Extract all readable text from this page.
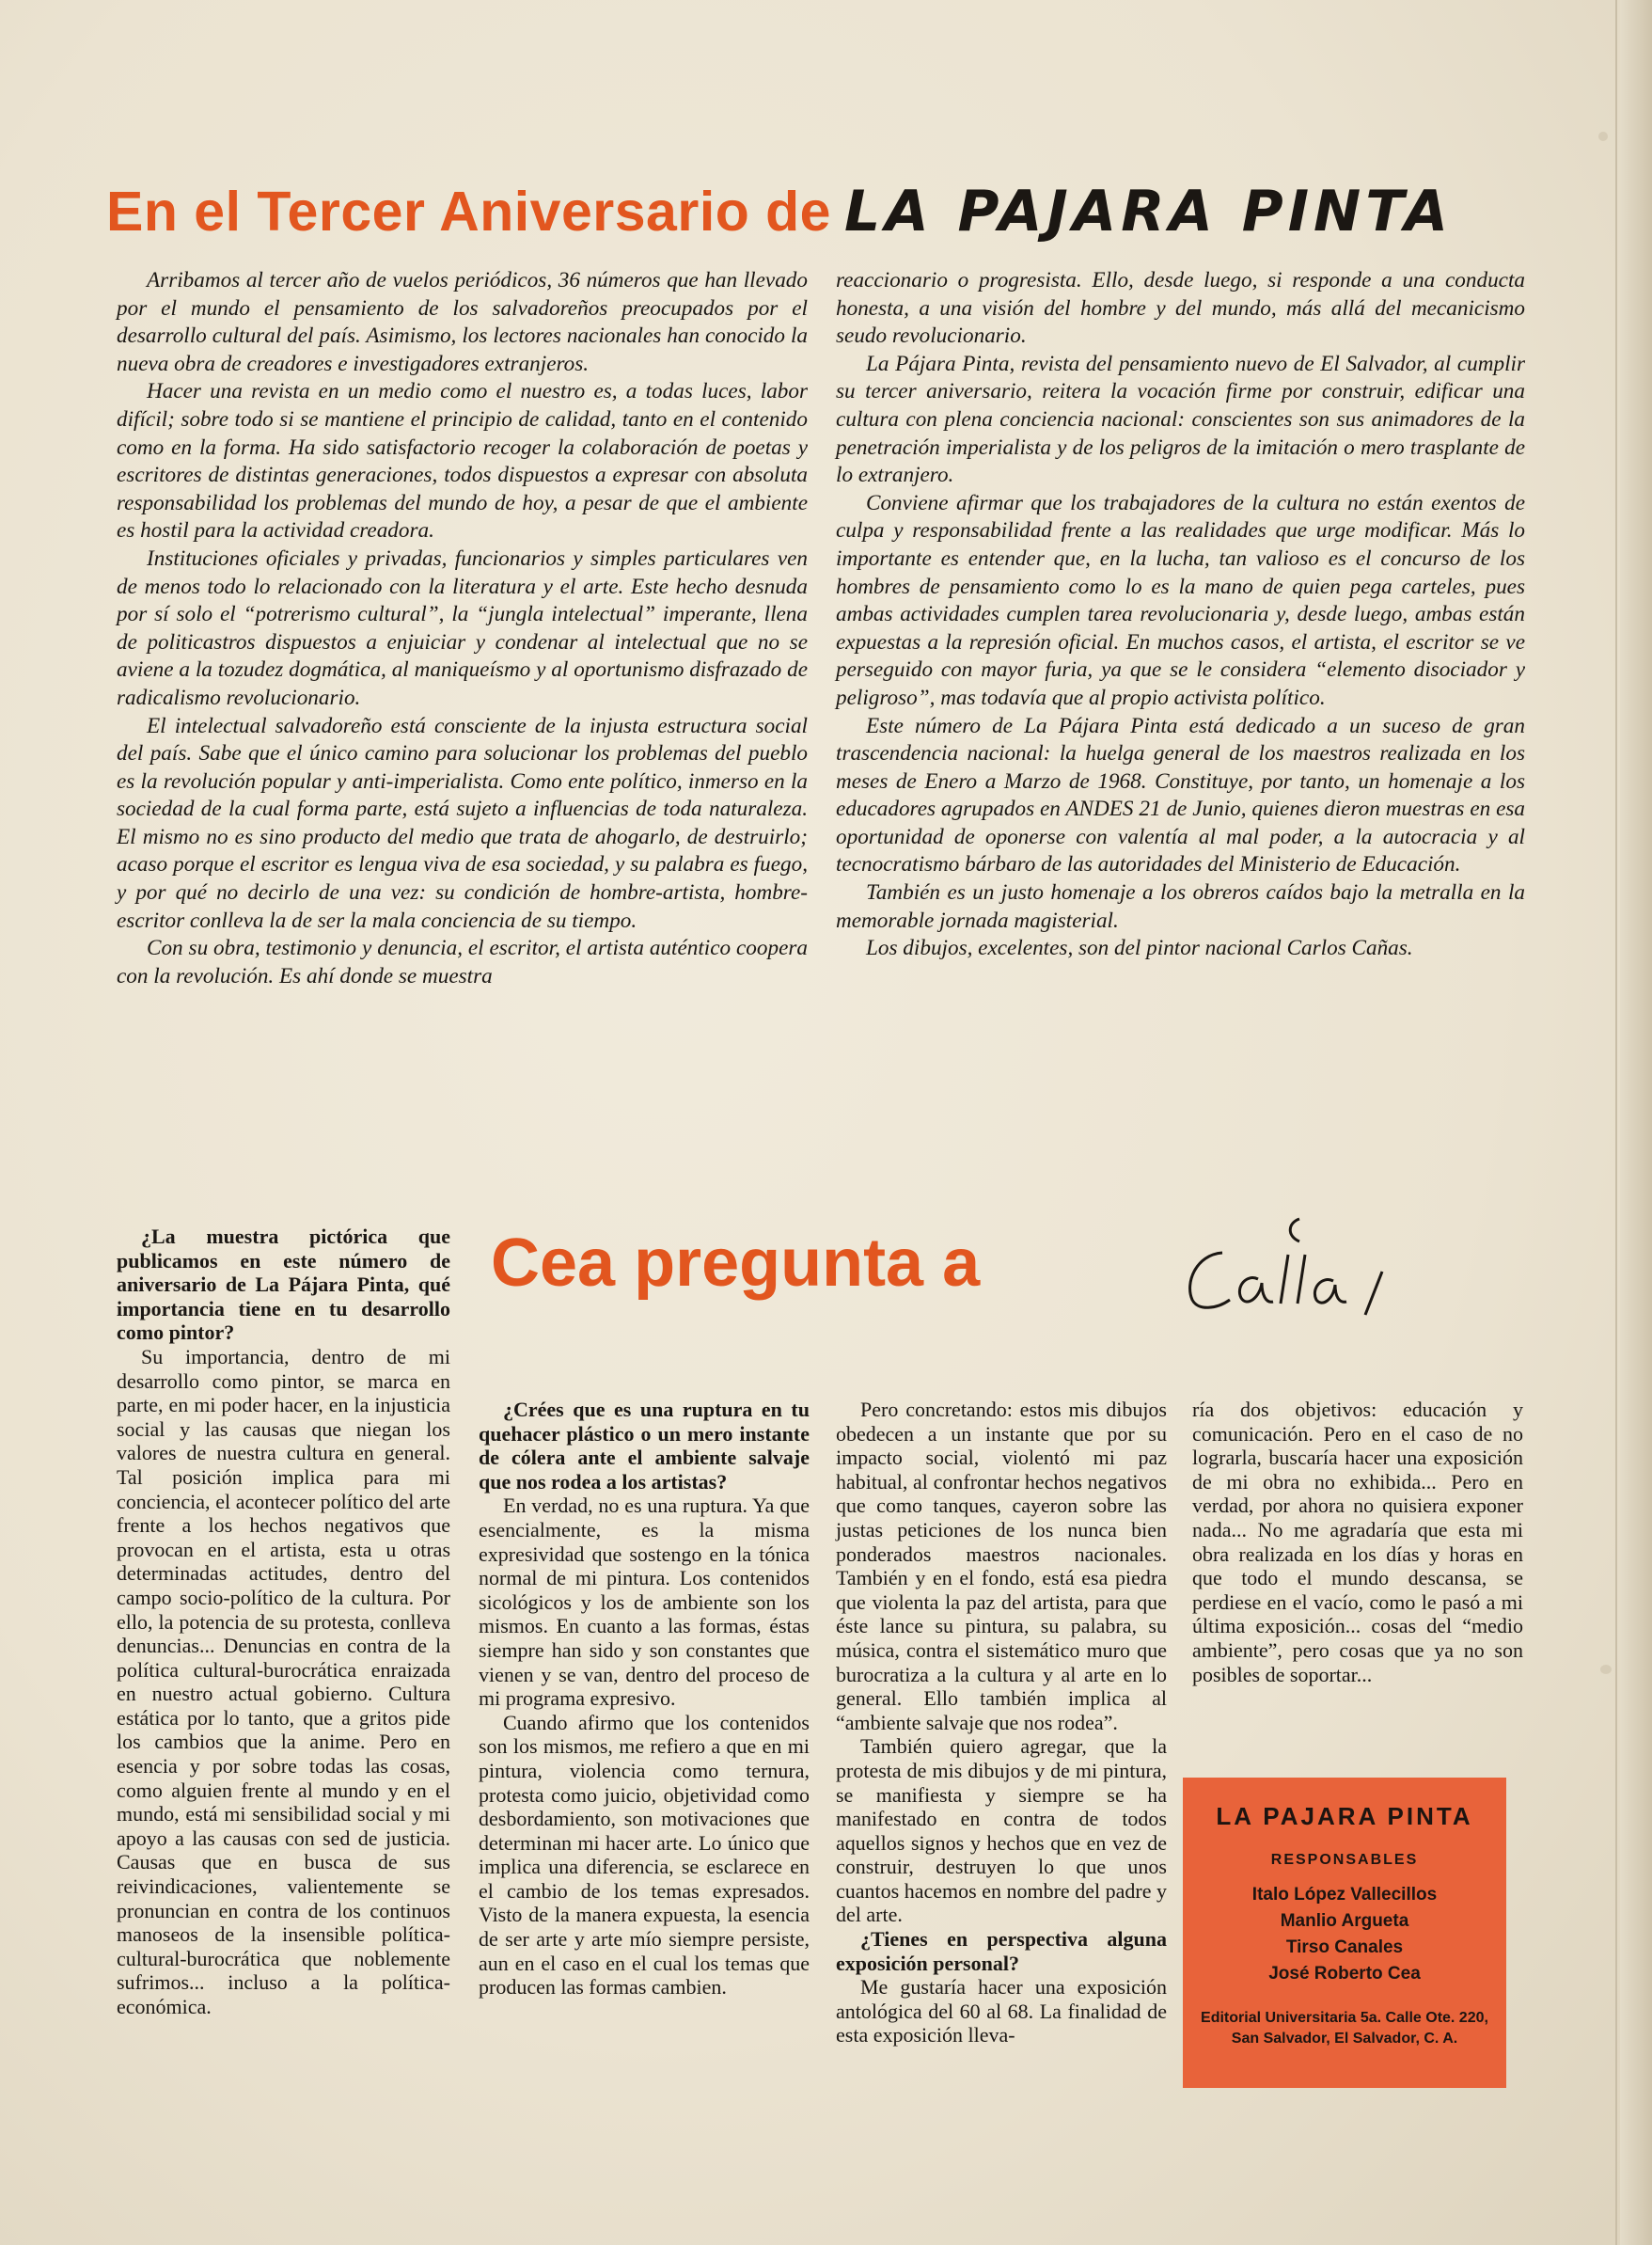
En el Tercer Aniversario de LA PAJARA PINTA

Arribamos al tercer año de vuelos periódicos, 36 números que han llevado por el mundo el pensamiento de los salvadoreños preocupados por el desarrollo cultural del país. Asimismo, los lectores nacionales han conocido la nueva obra de creadores e investigadores extranjeros.

Hacer una revista en un medio como el nuestro es, a todas luces, labor difícil; sobre todo si se mantiene el principio de calidad, tanto en el contenido como en la forma. Ha sido satisfactorio recoger la colaboración de poetas y escritores de distintas generaciones, todos dispuestos a expresar con absoluta responsabilidad los problemas del mundo de hoy, a pesar de que el ambiente es hostil para la actividad creadora.

Instituciones oficiales y privadas, funcionarios y simples particulares ven de menos todo lo relacionado con la literatura y el arte. Este hecho desnuda por sí solo el “potrerismo cultural”, la “jungla intelectual” imperante, llena de politicastros dispuestos a enjuiciar y condenar al intelectual que no se aviene a la tozudez dogmática, al maniqueísmo y al oportunismo disfrazado de radicalismo revolucionario.

El intelectual salvadoreño está consciente de la injusta estructura social del país. Sabe que el único camino para solucionar los problemas del pueblo es la revolución popular y anti-imperialista. Como ente político, inmerso en la sociedad de la cual forma parte, está sujeto a influencias de toda naturaleza. El mismo no es sino producto del medio que trata de ahogarlo, de destruirlo; acaso porque el escritor es lengua viva de esa sociedad, y su palabra es fuego, y por qué no decirlo de una vez: su condición de hombre-artista, hombre-escritor conlleva la de ser la mala conciencia de su tiempo.

Con su obra, testimonio y denuncia, el escritor, el artista auténtico coopera con la revolución. Es ahí donde se muestra

reaccionario o progresista. Ello, desde luego, si responde a una conducta honesta, a una visión del hombre y del mundo, más allá del mecanicismo seudo revolucionario.

La Pájara Pinta, revista del pensamiento nuevo de El Salvador, al cumplir su tercer aniversario, reitera la vocación firme por construir, edificar una cultura con plena conciencia nacional: conscientes son sus animadores de la penetración imperialista y de los peligros de la imitación o mero trasplante de lo extranjero.

Conviene afirmar que los trabajadores de la cultura no están exentos de culpa y responsabilidad frente a las realidades que urge modificar. Más lo importante es entender que, en la lucha, tan valioso es el concurso de los hombres de pensamiento como lo es la mano de quien pega carteles, pues ambas actividades cumplen tarea revolucionaria y, desde luego, ambas están expuestas a la represión oficial. En muchos casos, el artista, el escritor se ve perseguido con mayor furia, ya que se le considera “elemento disociador y peligroso”, mas todavía que al propio activista político.

Este número de La Pájara Pinta está dedicado a un suceso de gran trascendencia nacional: la huelga general de los maestros realizada en los meses de Enero a Marzo de 1968. Constituye, por tanto, un homenaje a los educadores agrupados en ANDES 21 de Junio, quienes dieron muestras en esa oportunidad de oponerse con valentía al mal poder, a la autocracia y al tecnocratismo bárbaro de las autoridades del Ministerio de Educación.

También es un justo homenaje a los obreros caídos bajo la metralla en la memorable jornada magisterial.

Los dibujos, excelentes, son del pintor nacional Carlos Cañas.

Cea pregunta a

¿La muestra pictórica que publicamos en este número de aniversario de La Pájara Pinta, qué importancia tiene en tu desarrollo como pintor?

Su importancia, dentro de mi desarrollo como pintor, se marca en parte, en mi poder hacer, en la injusticia social y las causas que niegan los valores de nuestra cultura en general. Tal posición implica para mi conciencia, el acontecer político del arte frente a los hechos negativos que provocan en el artista, esta u otras determinadas actitudes, dentro del campo socio-político de la cultura. Por ello, la potencia de su protesta, conlleva denuncias... Denuncias en contra de la política cultural-burocrática enraizada en nuestro actual gobierno. Cultura estática por lo tanto, que a gritos pide los cambios que la anime. Pero en esencia y por sobre todas las cosas, como alguien frente al mundo y en el mundo, está mi sensibilidad social y mi apoyo a las causas con sed de justicia. Causas que en busca de sus reivindicaciones, valientemente se pronuncian en contra de los continuos manoseos de la insensible política-cultural-burocrática que noblemente sufrimos... incluso a la política-económica.

¿Crées que es una ruptura en tu quehacer plástico o un mero instante de cólera ante el ambiente salvaje que nos rodea a los artistas?

En verdad, no es una ruptura. Ya que esencialmente, es la misma expresividad que sostengo en la tónica normal de mi pintura. Los contenidos sicológicos y los de ambiente son los mismos. En cuanto a las formas, éstas siempre han sido y son constantes que vienen y se van, dentro del proceso de mi programa expresivo.

Cuando afirmo que los contenidos son los mismos, me refiero a que en mi pintura, violencia como ternura, protesta como juicio, objetividad como desbordamiento, son motivaciones que determinan mi hacer arte. Lo único que implica una diferencia, se esclarece en el cambio de los temas expresados. Visto de la manera expuesta, la esencia de ser arte y arte mío siempre persiste, aun en el caso en el cual los temas que producen las formas cambien.

Pero concretando: estos mis dibujos obedecen a un instante que por su impacto social, violentó mi paz habitual, al confrontar hechos negativos que como tanques, cayeron sobre las justas peticiones de los nunca bien ponderados maestros nacionales. También y en el fondo, está esa piedra que violenta la paz del artista, para que éste lance su pintura, su palabra, su música, contra el sistemático muro que burocratiza a la cultura y al arte en lo general. Ello también implica al “ambiente salvaje que nos rodea”.

También quiero agregar, que la protesta de mis dibujos y de mi pintura, se manifiesta y siempre se ha manifestado en contra de todos aquellos signos y hechos que en vez de construir, destruyen lo que unos cuantos hacemos en nombre del padre y del arte.

¿Tienes en perspectiva alguna exposición personal?

Me gustaría hacer una exposición antológica del 60 al 68. La finalidad de esta exposición lleva-

ría dos objetivos: educación y comunicación. Pero en el caso de no lograrla, buscaría hacer una exposición de mi obra no exhibida... Pero en verdad, por ahora no quisiera exponer nada... No me agradaría que esta mi obra realizada en los días y horas en que todo el mundo descansa, se perdiese en el vacío, como le pasó a mi última exposición... cosas del “medio ambiente”, pero cosas que ya no son posibles de soportar...

LA PAJARA PINTA
RESPONSABLES
Italo López Vallecillos
Manlio Argueta
Tirso Canales
José Roberto Cea
Editorial Universitaria 5a. Calle Ote. 220, San Salvador, El Salvador, C. A.
